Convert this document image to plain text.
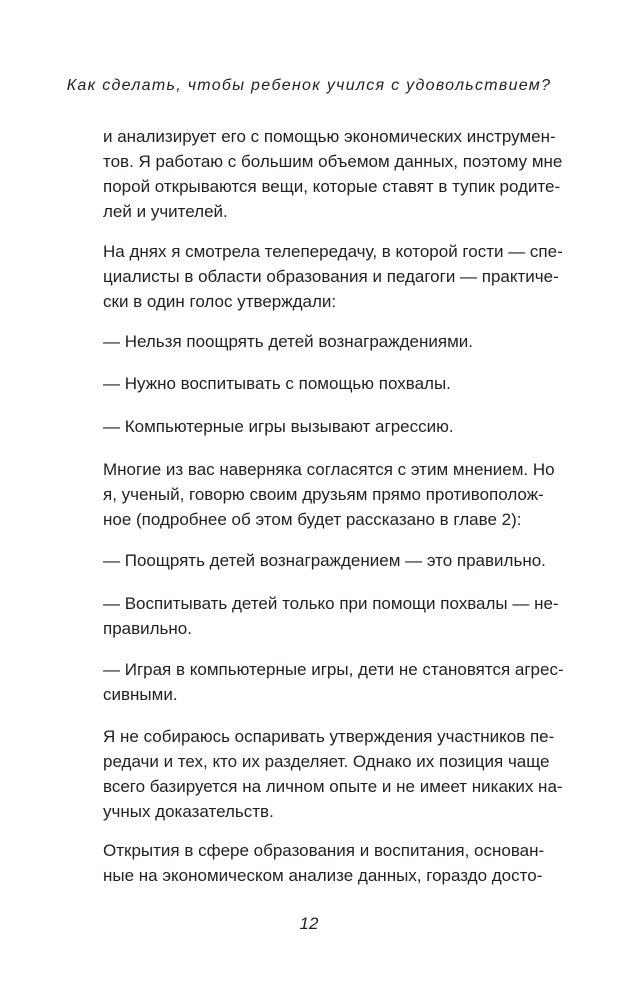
Как сделать, чтобы ребенок учился с удовольствием?
и анализирует его с помощью экономических инструмен-
тов. Я работаю с большим объемом данных, поэтому мне
порой открываются вещи, которые ставят в тупик родите-
лей и учителей.
На днях я смотрела телепередачу, в которой гости — спе-
циалисты в области образования и педагоги — практиче-
ски в один голос утверждали:
— Нельзя поощрять детей вознаграждениями.
— Нужно воспитывать с помощью похвалы.
— Компьютерные игры вызывают агрессию.
Многие из вас наверняка согласятся с этим мнением. Но
я, ученый, говорю своим друзьям прямо противополож-
ное (подробнее об этом будет рассказано в главе 2):
— Поощрять детей вознаграждением — это правильно.
— Воспитывать детей только при помощи похвалы — не-
правильно.
— Играя в компьютерные игры, дети не становятся агрес-
сивными.
Я не собираюсь оспаривать утверждения участников пе-
редачи и тех, кто их разделяет. Однако их позиция чаще
всего базируется на личном опыте и не имеет никаких на-
учных доказательств.
Открытия в сфере образования и воспитания, основан-
ные на экономическом анализе данных, гораздо досто-
12
